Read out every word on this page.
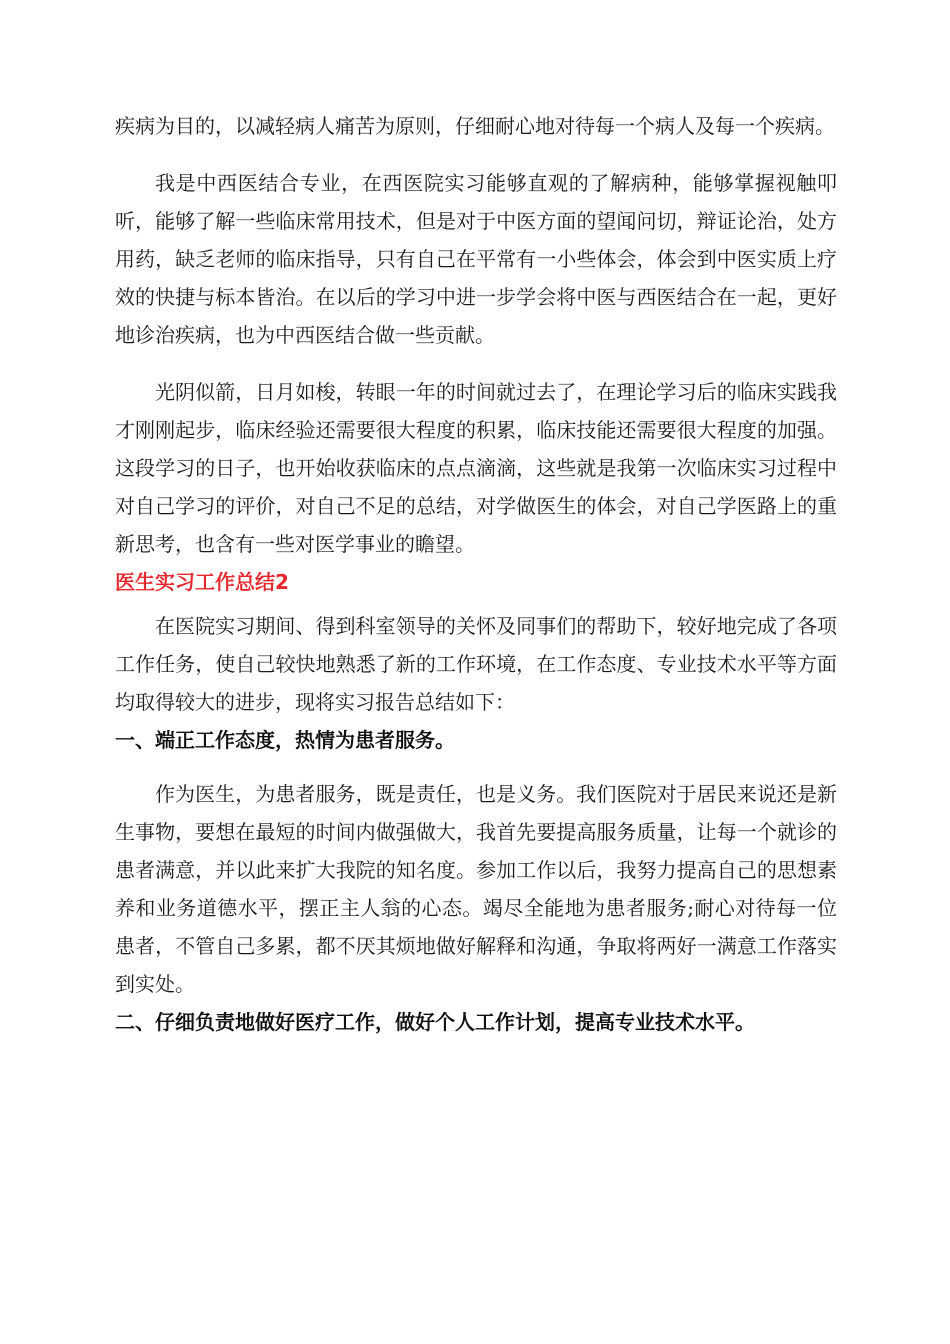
疾病为目的，以减轻病人痛苦为原则，仔细耐心地对待每一个病人及每一个疾病。

我是中西医结合专业，在西医院实习能够直观的了解病种，能够掌握视触叩听，能够了解一些临床常用技术，但是对于中医方面的望闻问切，辩证论治，处方用药，缺乏老师的临床指导，只有自己在平常有一小些体会，体会到中医实质上疗效的快捷与标本皆治。在以后的学习中进一步学会将中医与西医结合在一起，更好地诊治疾病，也为中西医结合做一些贡献。

光阴似箭，日月如梭，转眼一年的时间就过去了，在理论学习后的临床实践我才刚刚起步，临床经验还需要很大程度的积累，临床技能还需要很大程度的加强。这段学习的日子，也开始收获临床的点点滴滴，这些就是我第一次临床实习过程中对自己学习的评价，对自己不足的总结，对学做医生的体会，对自己学医路上的重新思考，也含有一些对医学事业的瞻望。

医生实习工作总结2

在医院实习期间、得到科室领导的关怀及同事们的帮助下，较好地完成了各项工作任务，使自己较快地熟悉了新的工作环境，在工作态度、专业技术水平等方面均取得较大的进步，现将实习报告总结如下：

一、端正工作态度，热情为患者服务。

作为医生，为患者服务，既是责任，也是义务。我们医院对于居民来说还是新生事物，要想在最短的时间内做强做大，我首先要提高服务质量，让每一个就诊的患者满意，并以此来扩大我院的知名度。参加工作以后，我努力提高自己的思想素养和业务道德水平，摆正主人翁的心态。竭尽全能地为患者服务;耐心对待每一位患者，不管自己多累，都不厌其烦地做好解释和沟通，争取将两好一满意工作落实到实处。

二、仔细负责地做好医疗工作，做好个人工作计划，提高专业技术水平。
